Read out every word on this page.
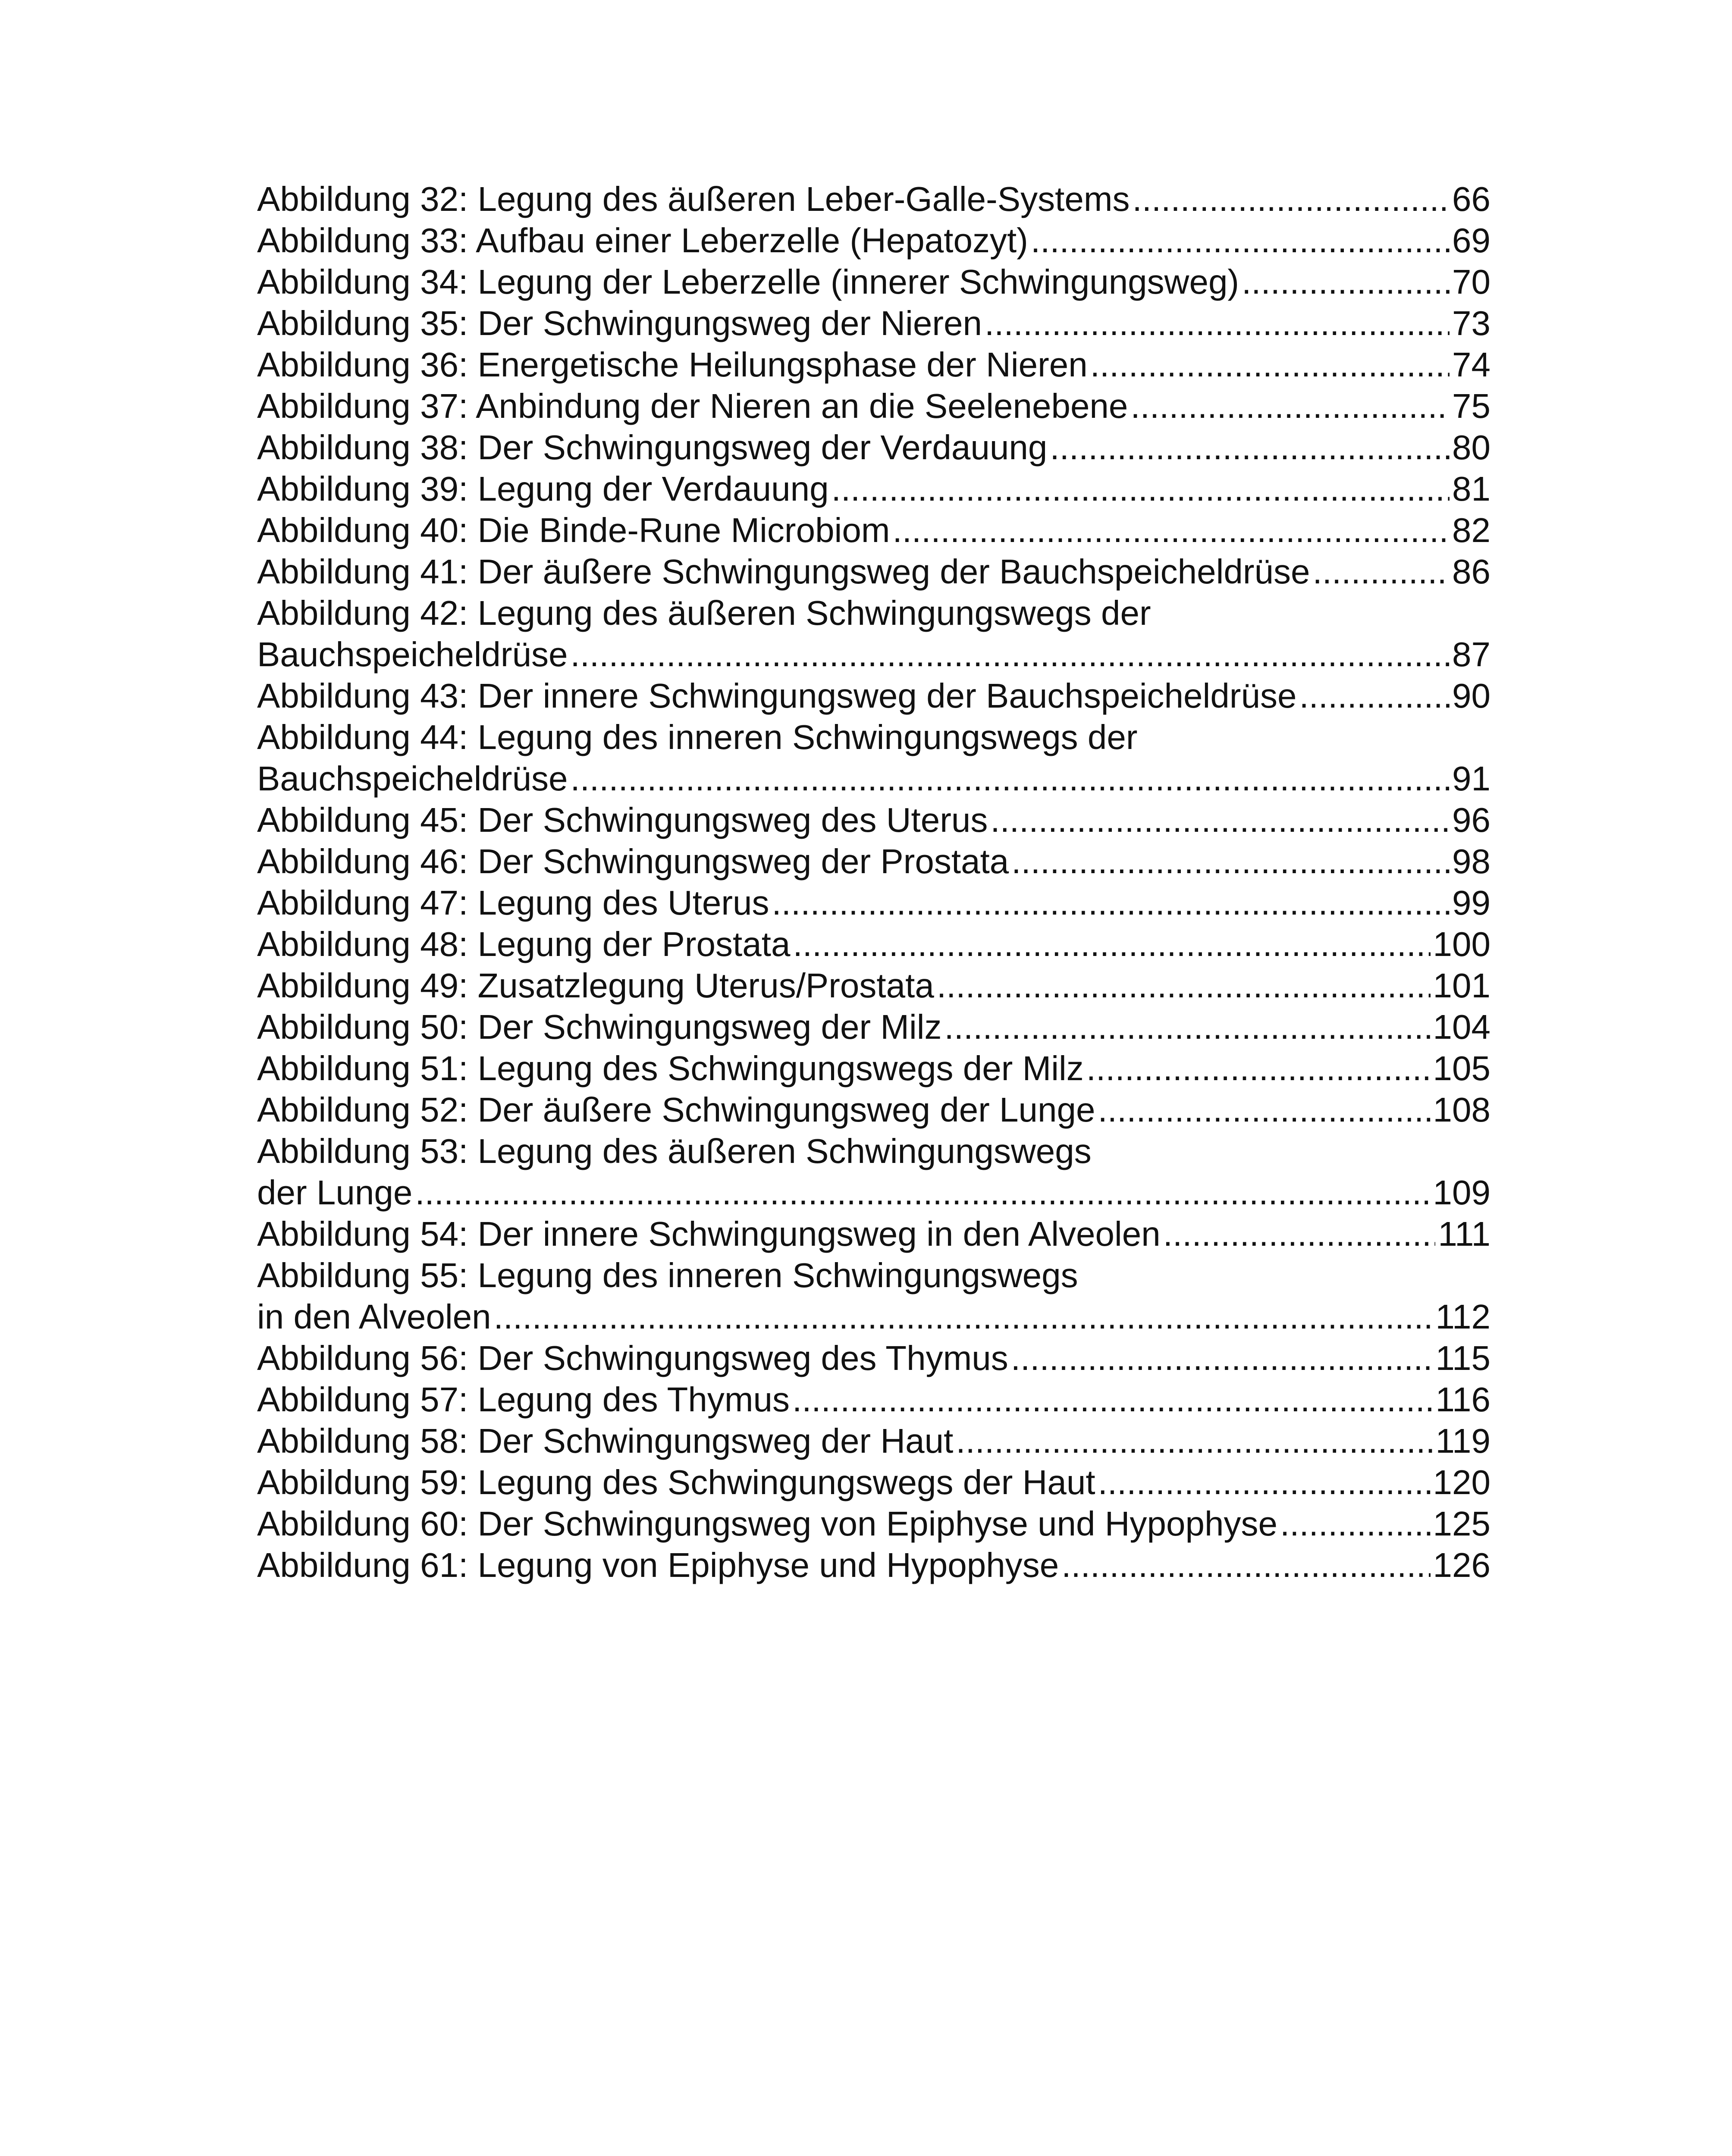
Abbildung 32: Legung des äußeren Leber-Galle-Systems .....	66
Abbildung 33: Aufbau einer Leberzelle (Hepatozyt) .....	69
Abbildung 34: Legung der Leberzelle (innerer Schwingungsweg) .....	70
Abbildung 35: Der Schwingungsweg der Nieren .....	73
Abbildung 36: Energetische Heilungsphase der Nieren .....	74
Abbildung 37: Anbindung der Nieren an die Seelenebene .....	75
Abbildung 38: Der Schwingungsweg der Verdauung .....	80
Abbildung 39: Legung der Verdauung .....	81
Abbildung 40: Die Binde-Rune Microbiom .....	82
Abbildung 41: Der äußere Schwingungsweg der Bauchspeicheldrüse .....	86
Abbildung 42: Legung des äußeren Schwingungswegs der
Bauchspeicheldrüse .....	87
Abbildung 43: Der innere Schwingungsweg der Bauchspeicheldrüse .....	90
Abbildung 44: Legung des inneren Schwingungswegs der
Bauchspeicheldrüse .....	91
Abbildung 45: Der Schwingungsweg des Uterus .....	96
Abbildung 46: Der Schwingungsweg der Prostata .....	98
Abbildung 47: Legung des Uterus .....	99
Abbildung 48: Legung der Prostata .....	100
Abbildung 49: Zusatzlegung Uterus/Prostata .....	101
Abbildung 50: Der Schwingungsweg der Milz .....	104
Abbildung 51: Legung des Schwingungswegs der Milz .....	105
Abbildung 52: Der äußere Schwingungsweg der Lunge .....	108
Abbildung 53: Legung des äußeren Schwingungswegs
der Lunge .....	109
Abbildung 54: Der innere Schwingungsweg in den Alveolen .....	111
Abbildung 55: Legung des inneren Schwingungswegs
in den Alveolen .....	112
Abbildung 56: Der Schwingungsweg des Thymus .....	115
Abbildung 57: Legung des Thymus .....	116
Abbildung 58: Der Schwingungsweg der Haut .....	119
Abbildung 59: Legung des Schwingungswegs der Haut .....	120
Abbildung 60: Der Schwingungsweg von Epiphyse und Hypophyse .....	125
Abbildung 61: Legung von Epiphyse und Hypophyse .....	126
